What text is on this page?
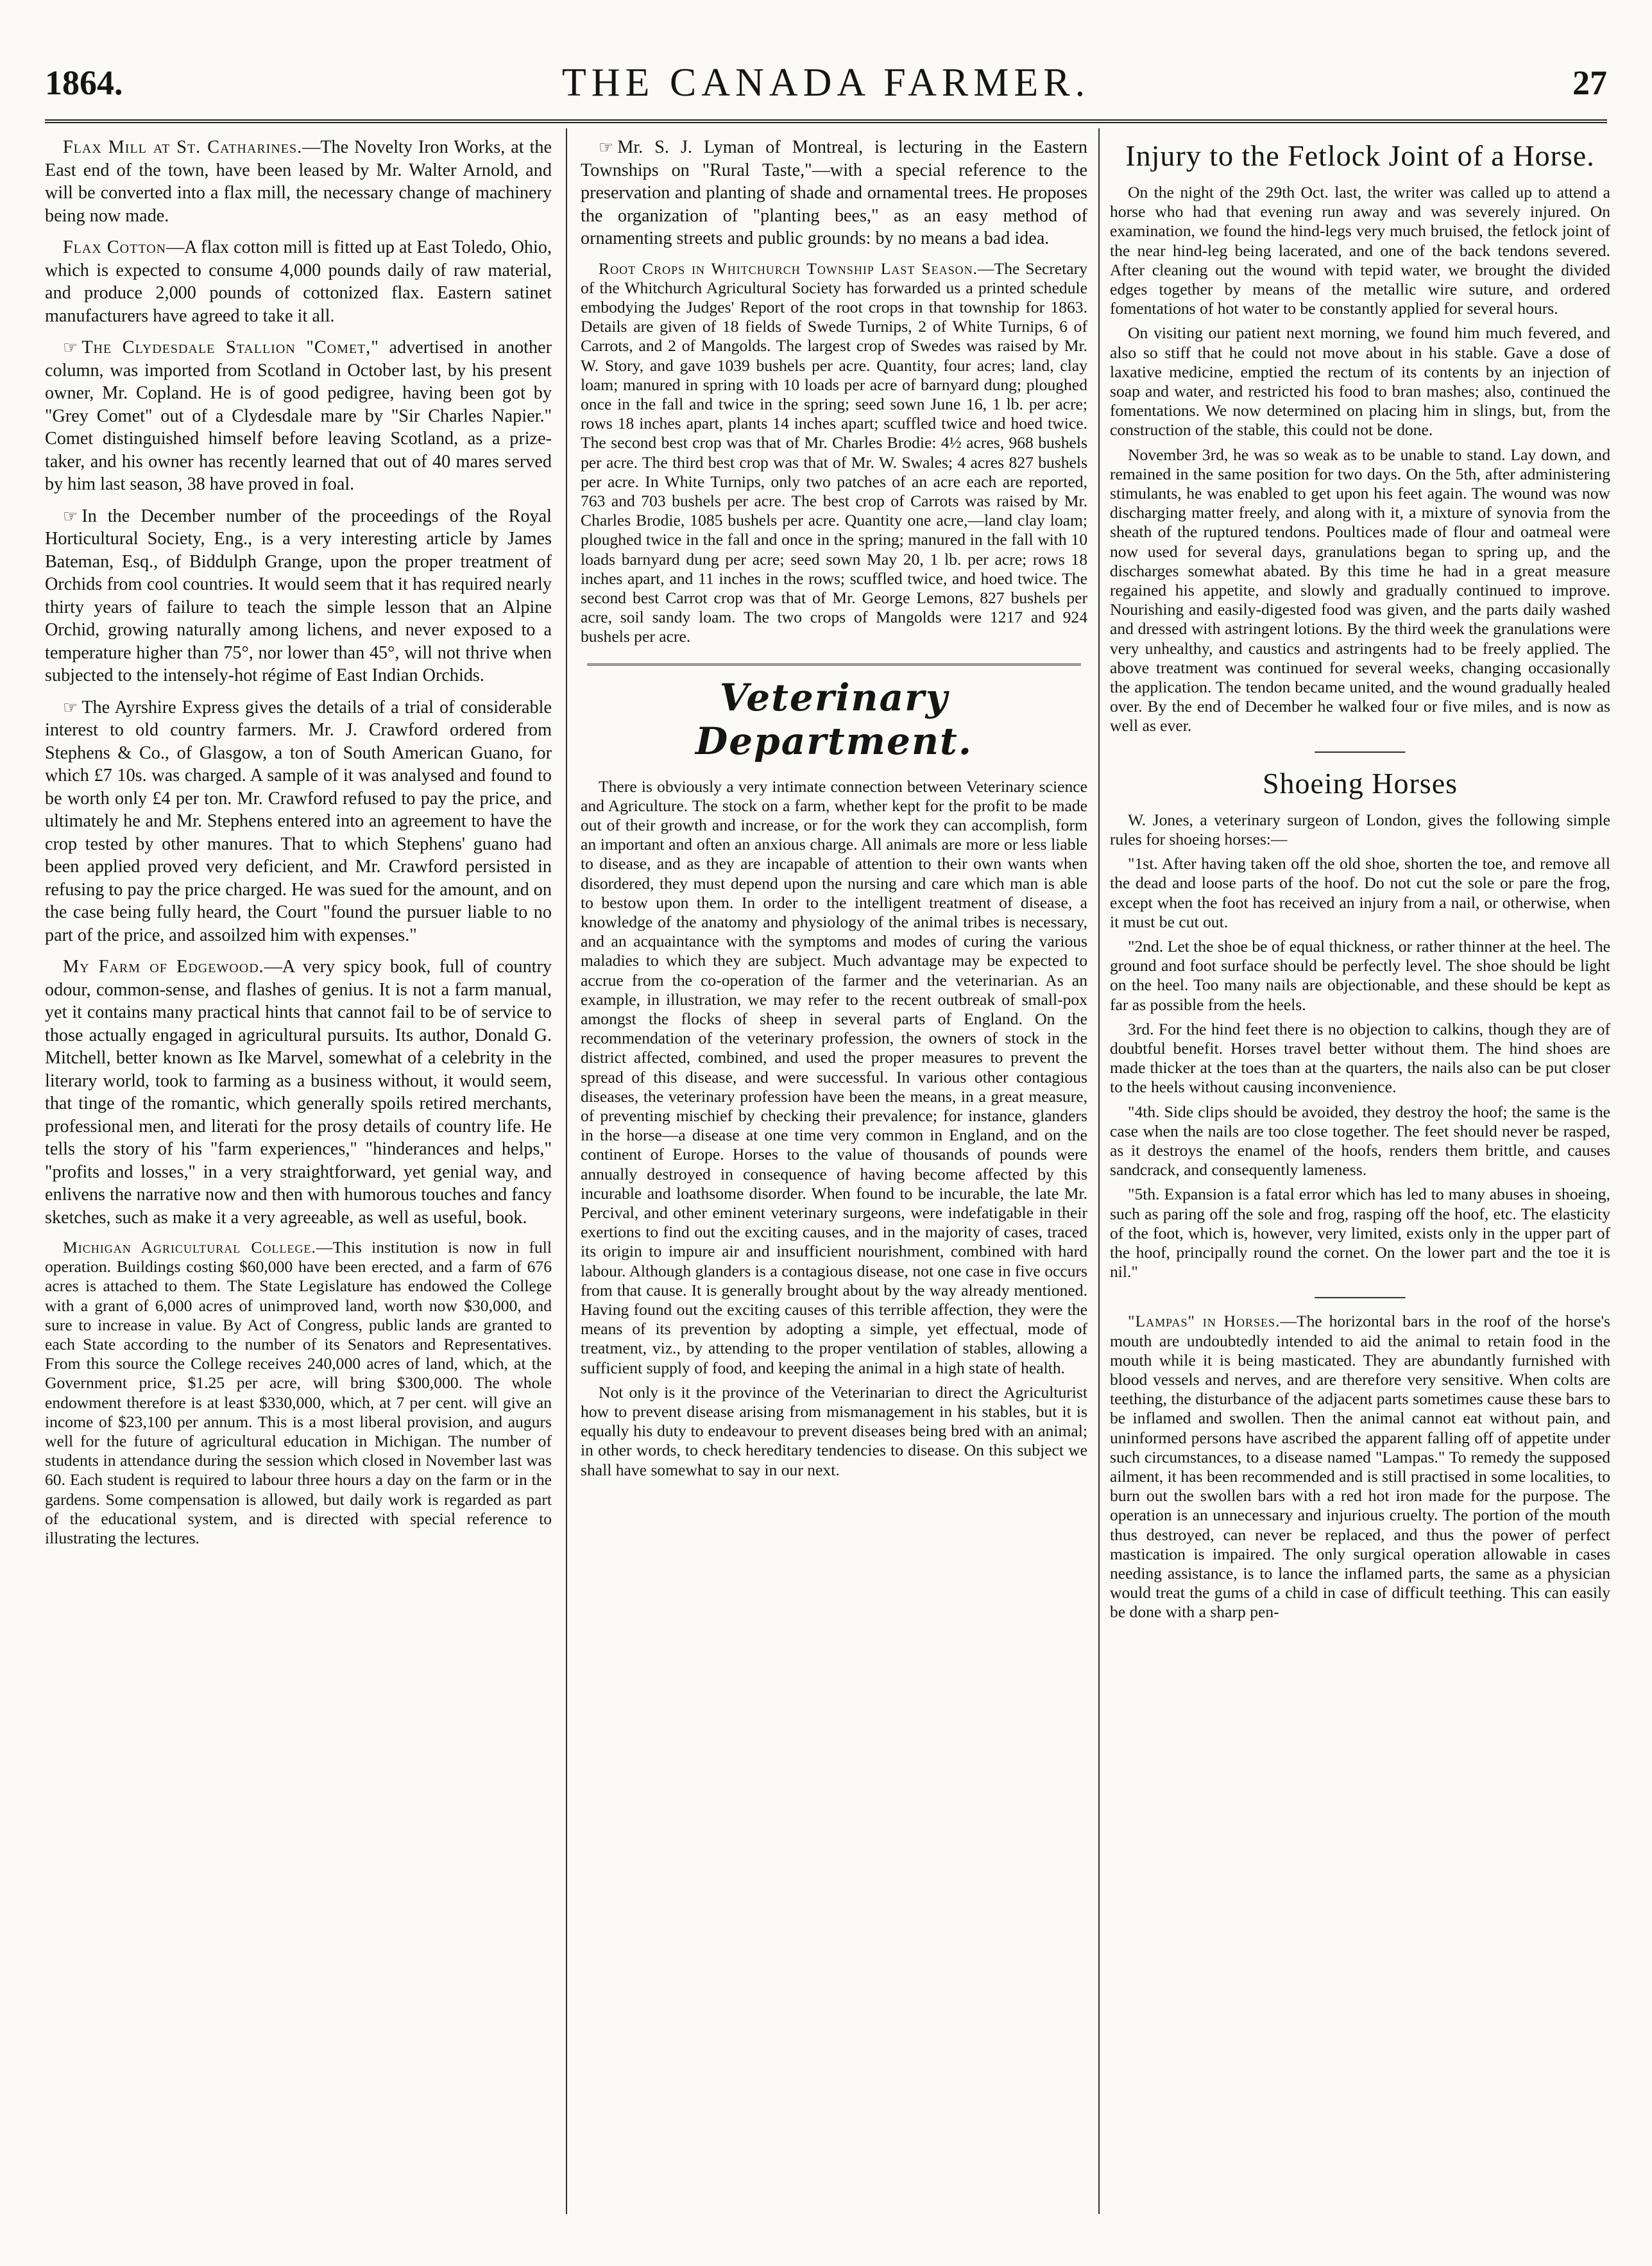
1864.	THE CANADA FARMER.	27

Flax Mill at St. Catharines.—The Novelty Iron Works, at the East end of the town, have been leased by Mr. Walter Arnold, and will be converted into a flax mill, the necessary change of machinery being now made.

Flax Cotton—A flax cotton mill is fitted up at East Toledo, Ohio, which is expected to consume 4,000 pounds daily of raw material, and produce 2,000 pounds of cottonized flax. Eastern satinet manufacturers have agreed to take it all.

☞ The Clydesdale Stallion "Comet," advertised in another column, was imported from Scotland in October last, by his present owner, Mr. Copland. He is of good pedigree, having been got by "Grey Comet" out of a Clydesdale mare by "Sir Charles Napier." Comet distinguished himself before leaving Scotland, as a prize-taker, and his owner has recently learned that out of 40 mares served by him last season, 38 have proved in foal.

☞ In the December number of the proceedings of the Royal Horticultural Society, Eng., is a very interesting article by James Bateman, Esq., of Biddulph Grange, upon the proper treatment of Orchids from cool countries. It would seem that it has required nearly thirty years of failure to teach the simple lesson that an Alpine Orchid, growing naturally among lichens, and never exposed to a temperature higher than 75°, nor lower than 45°, will not thrive when subjected to the intensely-hot régime of East Indian Orchids.

☞ The Ayrshire Express gives the details of a trial of considerable interest to old country farmers. Mr. J. Crawford ordered from Stephens & Co., of Glasgow, a ton of South American Guano, for which £7 10s. was charged. A sample of it was analysed and found to be worth only £4 per ton. Mr. Crawford refused to pay the price, and ultimately he and Mr. Stephens entered into an agreement to have the crop tested by other manures. That to which Stephens' guano had been applied proved very deficient, and Mr. Crawford persisted in refusing to pay the price charged. He was sued for the amount, and on the case being fully heard, the Court "found the pursuer liable to no part of the price, and assoilzed him with expenses."

My Farm of Edgewood.—A very spicy book, full of country odour, common-sense, and flashes of genius. It is not a farm manual, yet it contains many practical hints that cannot fail to be of service to those actually engaged in agricultural pursuits. Its author, Donald G. Mitchell, better known as Ike Marvel, somewhat of a celebrity in the literary world, took to farming as a business without, it would seem, that tinge of the romantic, which generally spoils retired merchants, professional men, and literati for the prosy details of country life. He tells the story of his "farm experiences," "hinderances and helps," "profits and losses," in a very straightforward, yet genial way, and enlivens the narrative now and then with humorous touches and fancy sketches, such as make it a very agreeable, as well as useful, book.

Michigan Agricultural College.—This institution is now in full operation. Buildings costing $60,000 have been erected, and a farm of 676 acres is attached to them. The State Legislature has endowed the College with a grant of 6,000 acres of unimproved land, worth now $30,000, and sure to increase in value. By Act of Congress, public lands are granted to each State according to the number of its Senators and Representatives. From this source the College receives 240,000 acres of land, which, at the Government price, $1.25 per acre, will bring $300,000. The whole endowment therefore is at least $330,000, which, at 7 per cent. will give an income of $23,100 per annum. This is a most liberal provision, and augurs well for the future of agricultural education in Michigan. The number of students in attendance during the session which closed in November last was 60. Each student is required to labour three hours a day on the farm or in the gardens. Some compensation is allowed, but daily work is regarded as part of the educational system, and is directed with special reference to illustrating the lectures.

☞ Mr. S. J. Lyman of Montreal, is lecturing in the Eastern Townships on "Rural Taste,"—with a special reference to the preservation and planting of shade and ornamental trees. He proposes the organization of "planting bees," as an easy method of ornamenting streets and public grounds: by no means a bad idea.

Root Crops in Whitchurch Township Last Season.—The Secretary of the Whitchurch Agricultural Society has forwarded us a printed schedule embodying the Judges' Report of the root crops in that township for 1863. Details are given of 18 fields of Swede Turnips, 2 of White Turnips, 6 of Carrots, and 2 of Mangolds. The largest crop of Swedes was raised by Mr. W. Story, and gave 1039 bushels per acre. Quantity, four acres; land, clay loam; manured in spring with 10 loads per acre of barnyard dung; ploughed once in the fall and twice in the spring; seed sown June 16, 1 lb. per acre; rows 18 inches apart, plants 14 inches apart; scuffled twice and hoed twice. The second best crop was that of Mr. Charles Brodie: 4½ acres, 968 bushels per acre. The third best crop was that of Mr. W. Swales; 4 acres 827 bushels per acre. In White Turnips, only two patches of an acre each are reported, 763 and 703 bushels per acre. The best crop of Carrots was raised by Mr. Charles Brodie, 1085 bushels per acre. Quantity one acre,—land clay loam; ploughed twice in the fall and once in the spring; manured in the fall with 10 loads barnyard dung per acre; seed sown May 20, 1 lb. per acre; rows 18 inches apart, and 11 inches in the rows; scuffled twice, and hoed twice. The second best Carrot crop was that of Mr. George Lemons, 827 bushels per acre, soil sandy loam. The two crops of Mangolds were 1217 and 924 bushels per acre.

Veterinary Department.

There is obviously a very intimate connection between Veterinary science and Agriculture. The stock on a farm, whether kept for the profit to be made out of their growth and increase, or for the work they can accomplish, form an important and often an anxious charge. All animals are more or less liable to disease, and as they are incapable of attention to their own wants when disordered, they must depend upon the nursing and care which man is able to bestow upon them. In order to the intelligent treatment of disease, a knowledge of the anatomy and physiology of the animal tribes is necessary, and an acquaintance with the symptoms and modes of curing the various maladies to which they are subject. Much advantage may be expected to accrue from the co-operation of the farmer and the veterinarian. As an example, in illustration, we may refer to the recent outbreak of small-pox amongst the flocks of sheep in several parts of England. On the recommendation of the veterinary profession, the owners of stock in the district affected, combined, and used the proper measures to prevent the spread of this disease, and were successful. In various other contagious diseases, the veterinary profession have been the means, in a great measure, of preventing mischief by checking their prevalence; for instance, glanders in the horse—a disease at one time very common in England, and on the continent of Europe. Horses to the value of thousands of pounds were annually destroyed in consequence of having become affected by this incurable and loathsome disorder. When found to be incurable, the late Mr. Percival, and other eminent veterinary surgeons, were indefatigable in their exertions to find out the exciting causes, and in the majority of cases, traced its origin to impure air and insufficient nourishment, combined with hard labour. Although glanders is a contagious disease, not one case in five occurs from that cause. It is generally brought about by the way already mentioned. Having found out the exciting causes of this terrible affection, they were the means of its prevention by adopting a simple, yet effectual, mode of treatment, viz., by attending to the proper ventilation of stables, allowing a sufficient supply of food, and keeping the animal in a high state of health.

Not only is it the province of the Veterinarian to direct the Agriculturist how to prevent disease arising from mismanagement in his stables, but it is equally his duty to endeavour to prevent diseases being bred with an animal; in other words, to check hereditary tendencies to disease. On this subject we shall have somewhat to say in our next.

Injury to the Fetlock Joint of a Horse.

On the night of the 29th Oct. last, the writer was called up to attend a horse who had that evening run away and was severely injured. On examination, we found the hind-legs very much bruised, the fetlock joint of the near hind-leg being lacerated, and one of the back tendons severed. After cleaning out the wound with tepid water, we brought the divided edges together by means of the metallic wire suture, and ordered fomentations of hot water to be constantly applied for several hours.

On visiting our patient next morning, we found him much fevered, and also so stiff that he could not move about in his stable. Gave a dose of laxative medicine, emptied the rectum of its contents by an injection of soap and water, and restricted his food to bran mashes; also, continued the fomentations. We now determined on placing him in slings, but, from the construction of the stable, this could not be done.

November 3rd, he was so weak as to be unable to stand. Lay down, and remained in the same position for two days. On the 5th, after administering stimulants, he was enabled to get upon his feet again. The wound was now discharging matter freely, and along with it, a mixture of synovia from the sheath of the ruptured tendons. Poultices made of flour and oatmeal were now used for several days, granulations began to spring up, and the discharges somewhat abated. By this time he had in a great measure regained his appetite, and slowly and gradually continued to improve. Nourishing and easily-digested food was given, and the parts daily washed and dressed with astringent lotions. By the third week the granulations were very unhealthy, and caustics and astringents had to be freely applied. The above treatment was continued for several weeks, changing occasionally the application. The tendon became united, and the wound gradually healed over. By the end of December he walked four or five miles, and is now as well as ever.

Shoeing Horses

W. Jones, a veterinary surgeon of London, gives the following simple rules for shoeing horses:—

"1st. After having taken off the old shoe, shorten the toe, and remove all the dead and loose parts of the hoof. Do not cut the sole or pare the frog, except when the foot has received an injury from a nail, or otherwise, when it must be cut out.

"2nd. Let the shoe be of equal thickness, or rather thinner at the heel. The ground and foot surface should be perfectly level. The shoe should be light on the heel. Too many nails are objectionable, and these should be kept as far as possible from the heels.

3rd. For the hind feet there is no objection to calkins, though they are of doubtful benefit. Horses travel better without them. The hind shoes are made thicker at the toes than at the quarters, the nails also can be put closer to the heels without causing inconvenience.

"4th. Side clips should be avoided, they destroy the hoof; the same is the case when the nails are too close together. The feet should never be rasped, as it destroys the enamel of the hoofs, renders them brittle, and causes sandcrack, and consequently lameness.

"5th. Expansion is a fatal error which has led to many abuses in shoeing, such as paring off the sole and frog, rasping off the hoof, etc. The elasticity of the foot, which is, however, very limited, exists only in the upper part of the hoof, principally round the cornet. On the lower part and the toe it is nil."

"Lampas" in Horses.—The horizontal bars in the roof of the horse's mouth are undoubtedly intended to aid the animal to retain food in the mouth while it is being masticated. They are abundantly furnished with blood vessels and nerves, and are therefore very sensitive. When colts are teething, the disturbance of the adjacent parts sometimes cause these bars to be inflamed and swollen. Then the animal cannot eat without pain, and uninformed persons have ascribed the apparent falling off of appetite under such circumstances, to a disease named "Lampas." To remedy the supposed ailment, it has been recommended and is still practised in some localities, to burn out the swollen bars with a red hot iron made for the purpose. The operation is an unnecessary and injurious cruelty. The portion of the mouth thus destroyed, can never be replaced, and thus the power of perfect mastication is impaired. The only surgical operation allowable in cases needing assistance, is to lance the inflamed parts, the same as a physician would treat the gums of a child in case of difficult teething. This can easily be done with a sharp pen-
